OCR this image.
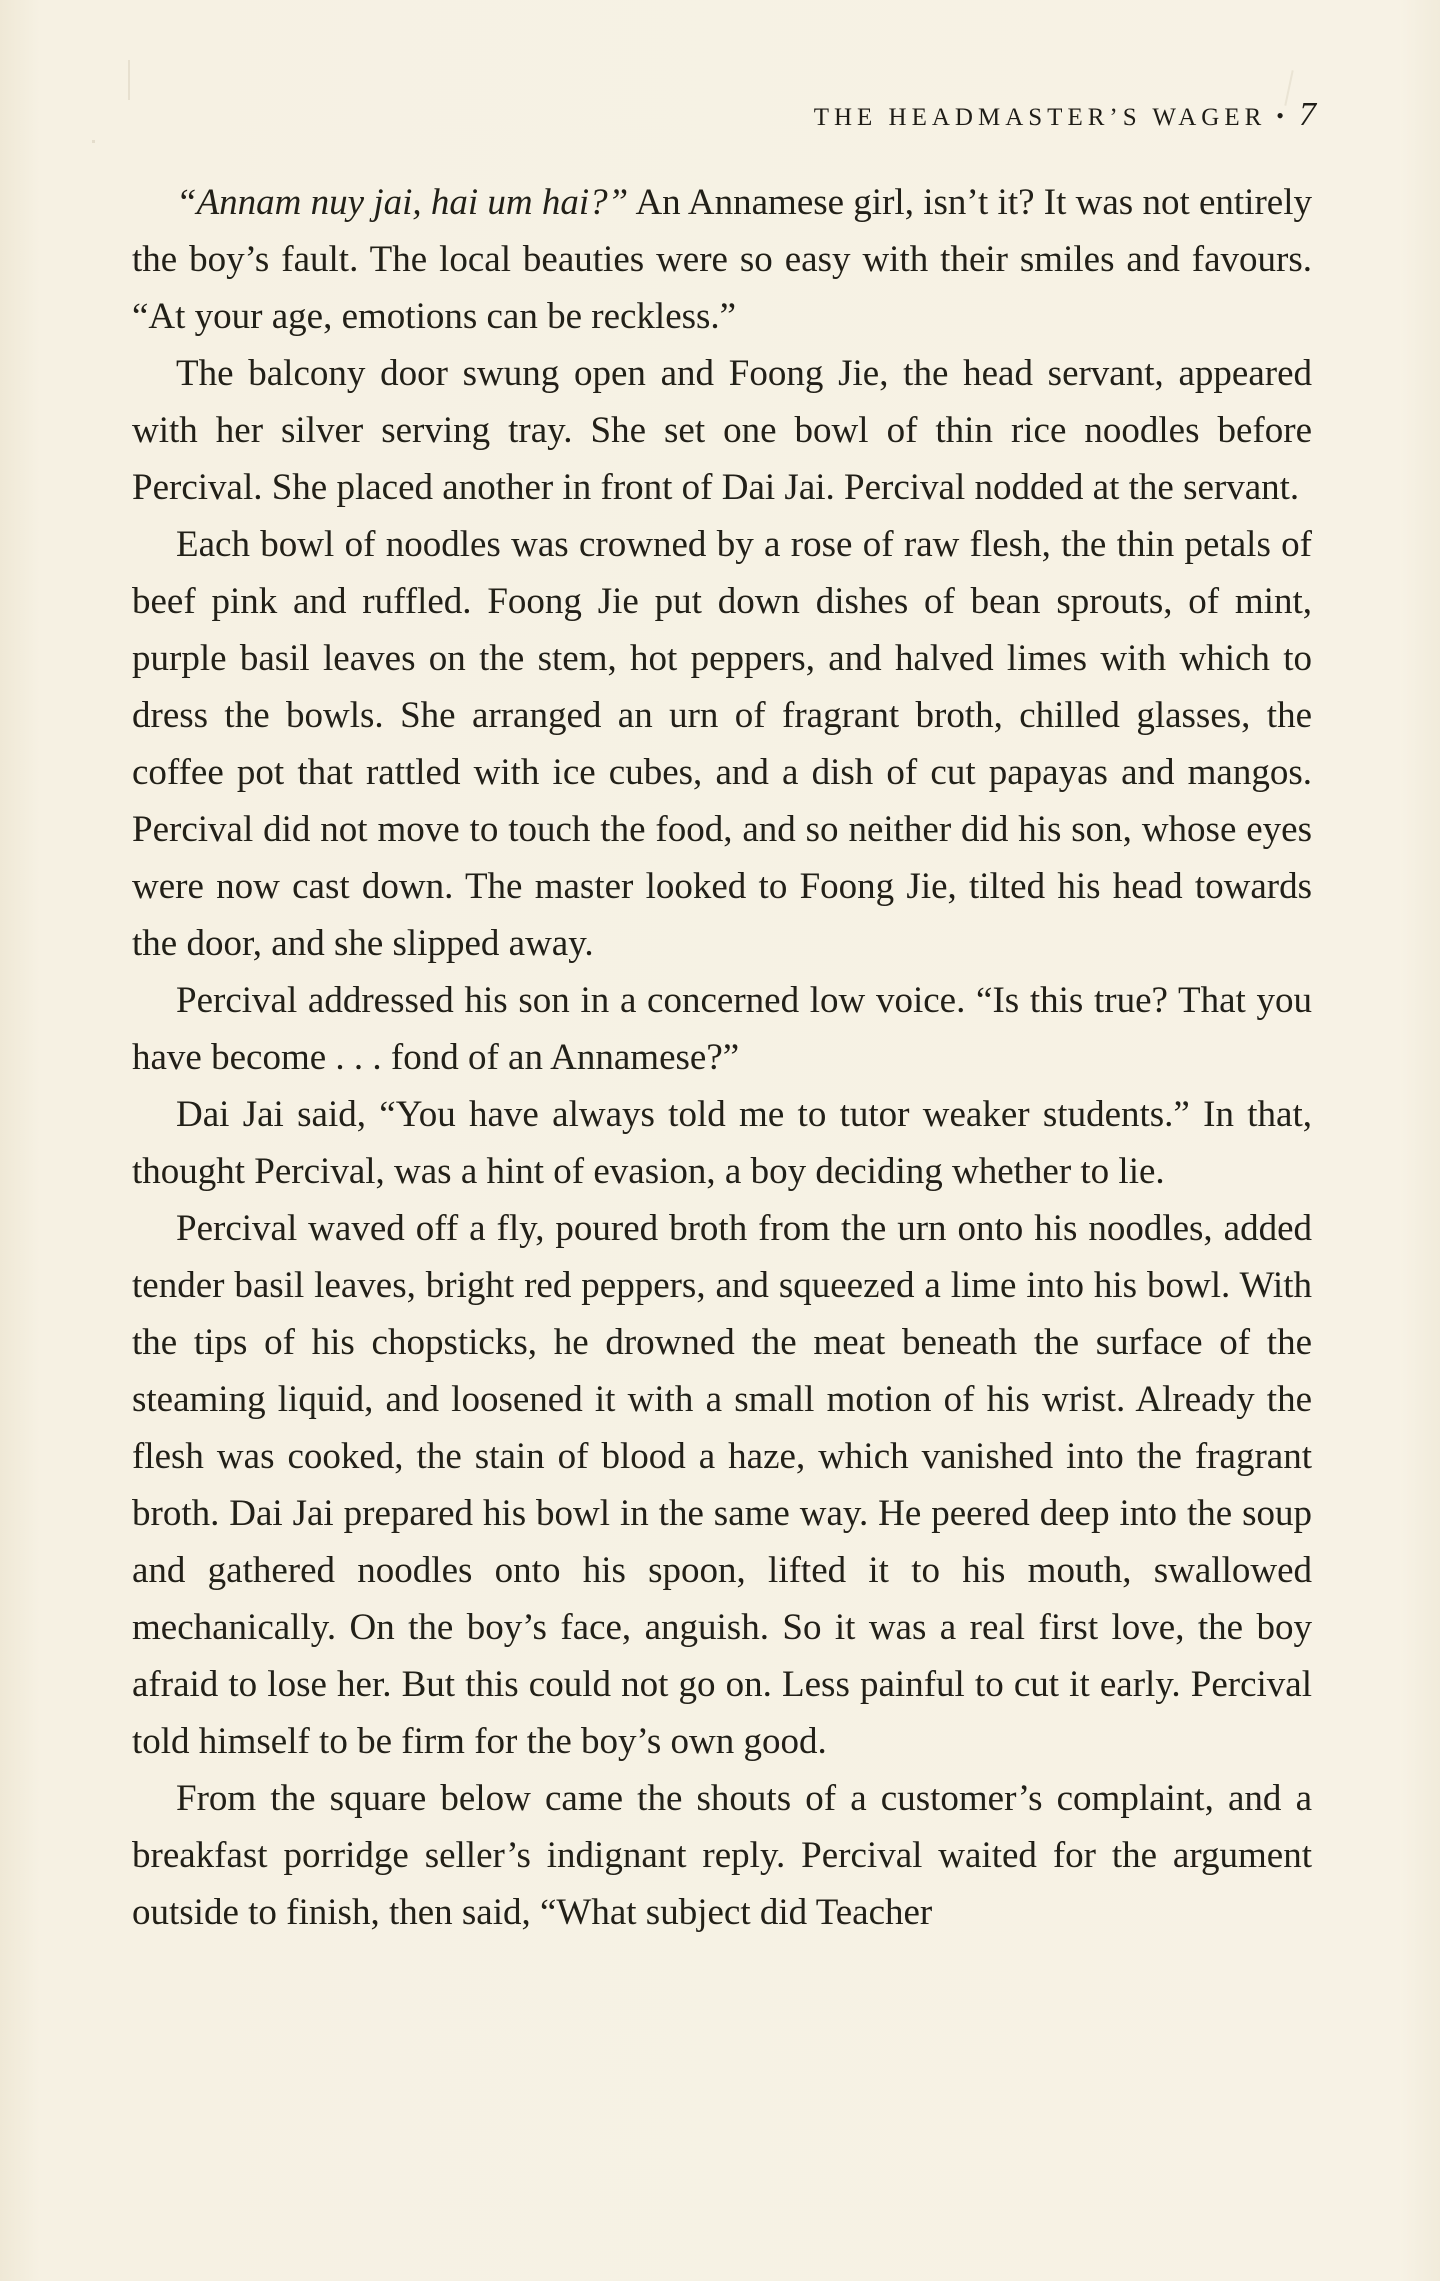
THE HEADMASTER’S WAGER • 7

“Annam nuy jai, hai um hai?” An Annamese girl, isn’t it? It was not entirely the boy’s fault. The local beauties were so easy with their smiles and favours. “At your age, emotions can be reckless.”

The balcony door swung open and Foong Jie, the head servant, appeared with her silver serving tray. She set one bowl of thin rice noodles before Percival. She placed another in front of Dai Jai. Percival nodded at the servant.

Each bowl of noodles was crowned by a rose of raw flesh, the thin petals of beef pink and ruffled. Foong Jie put down dishes of bean sprouts, of mint, purple basil leaves on the stem, hot peppers, and halved limes with which to dress the bowls. She arranged an urn of fragrant broth, chilled glasses, the coffee pot that rattled with ice cubes, and a dish of cut papayas and mangos. Percival did not move to touch the food, and so neither did his son, whose eyes were now cast down. The master looked to Foong Jie, tilted his head towards the door, and she slipped away.

Percival addressed his son in a concerned low voice. “Is this true? That you have become . . . fond of an Annamese?”

Dai Jai said, “You have always told me to tutor weaker students.” In that, thought Percival, was a hint of evasion, a boy deciding whether to lie.

Percival waved off a fly, poured broth from the urn onto his noodles, added tender basil leaves, bright red peppers, and squeezed a lime into his bowl. With the tips of his chopsticks, he drowned the meat beneath the surface of the steaming liquid, and loosened it with a small motion of his wrist. Already the flesh was cooked, the stain of blood a haze, which vanished into the fragrant broth. Dai Jai prepared his bowl in the same way. He peered deep into the soup and gathered noodles onto his spoon, lifted it to his mouth, swallowed mechanically. On the boy’s face, anguish. So it was a real first love, the boy afraid to lose her. But this could not go on. Less painful to cut it early. Percival told himself to be firm for the boy’s own good.

From the square below came the shouts of a customer’s complaint, and a breakfast porridge seller’s indignant reply. Percival waited for the argument outside to finish, then said, “What subject did Teacher
